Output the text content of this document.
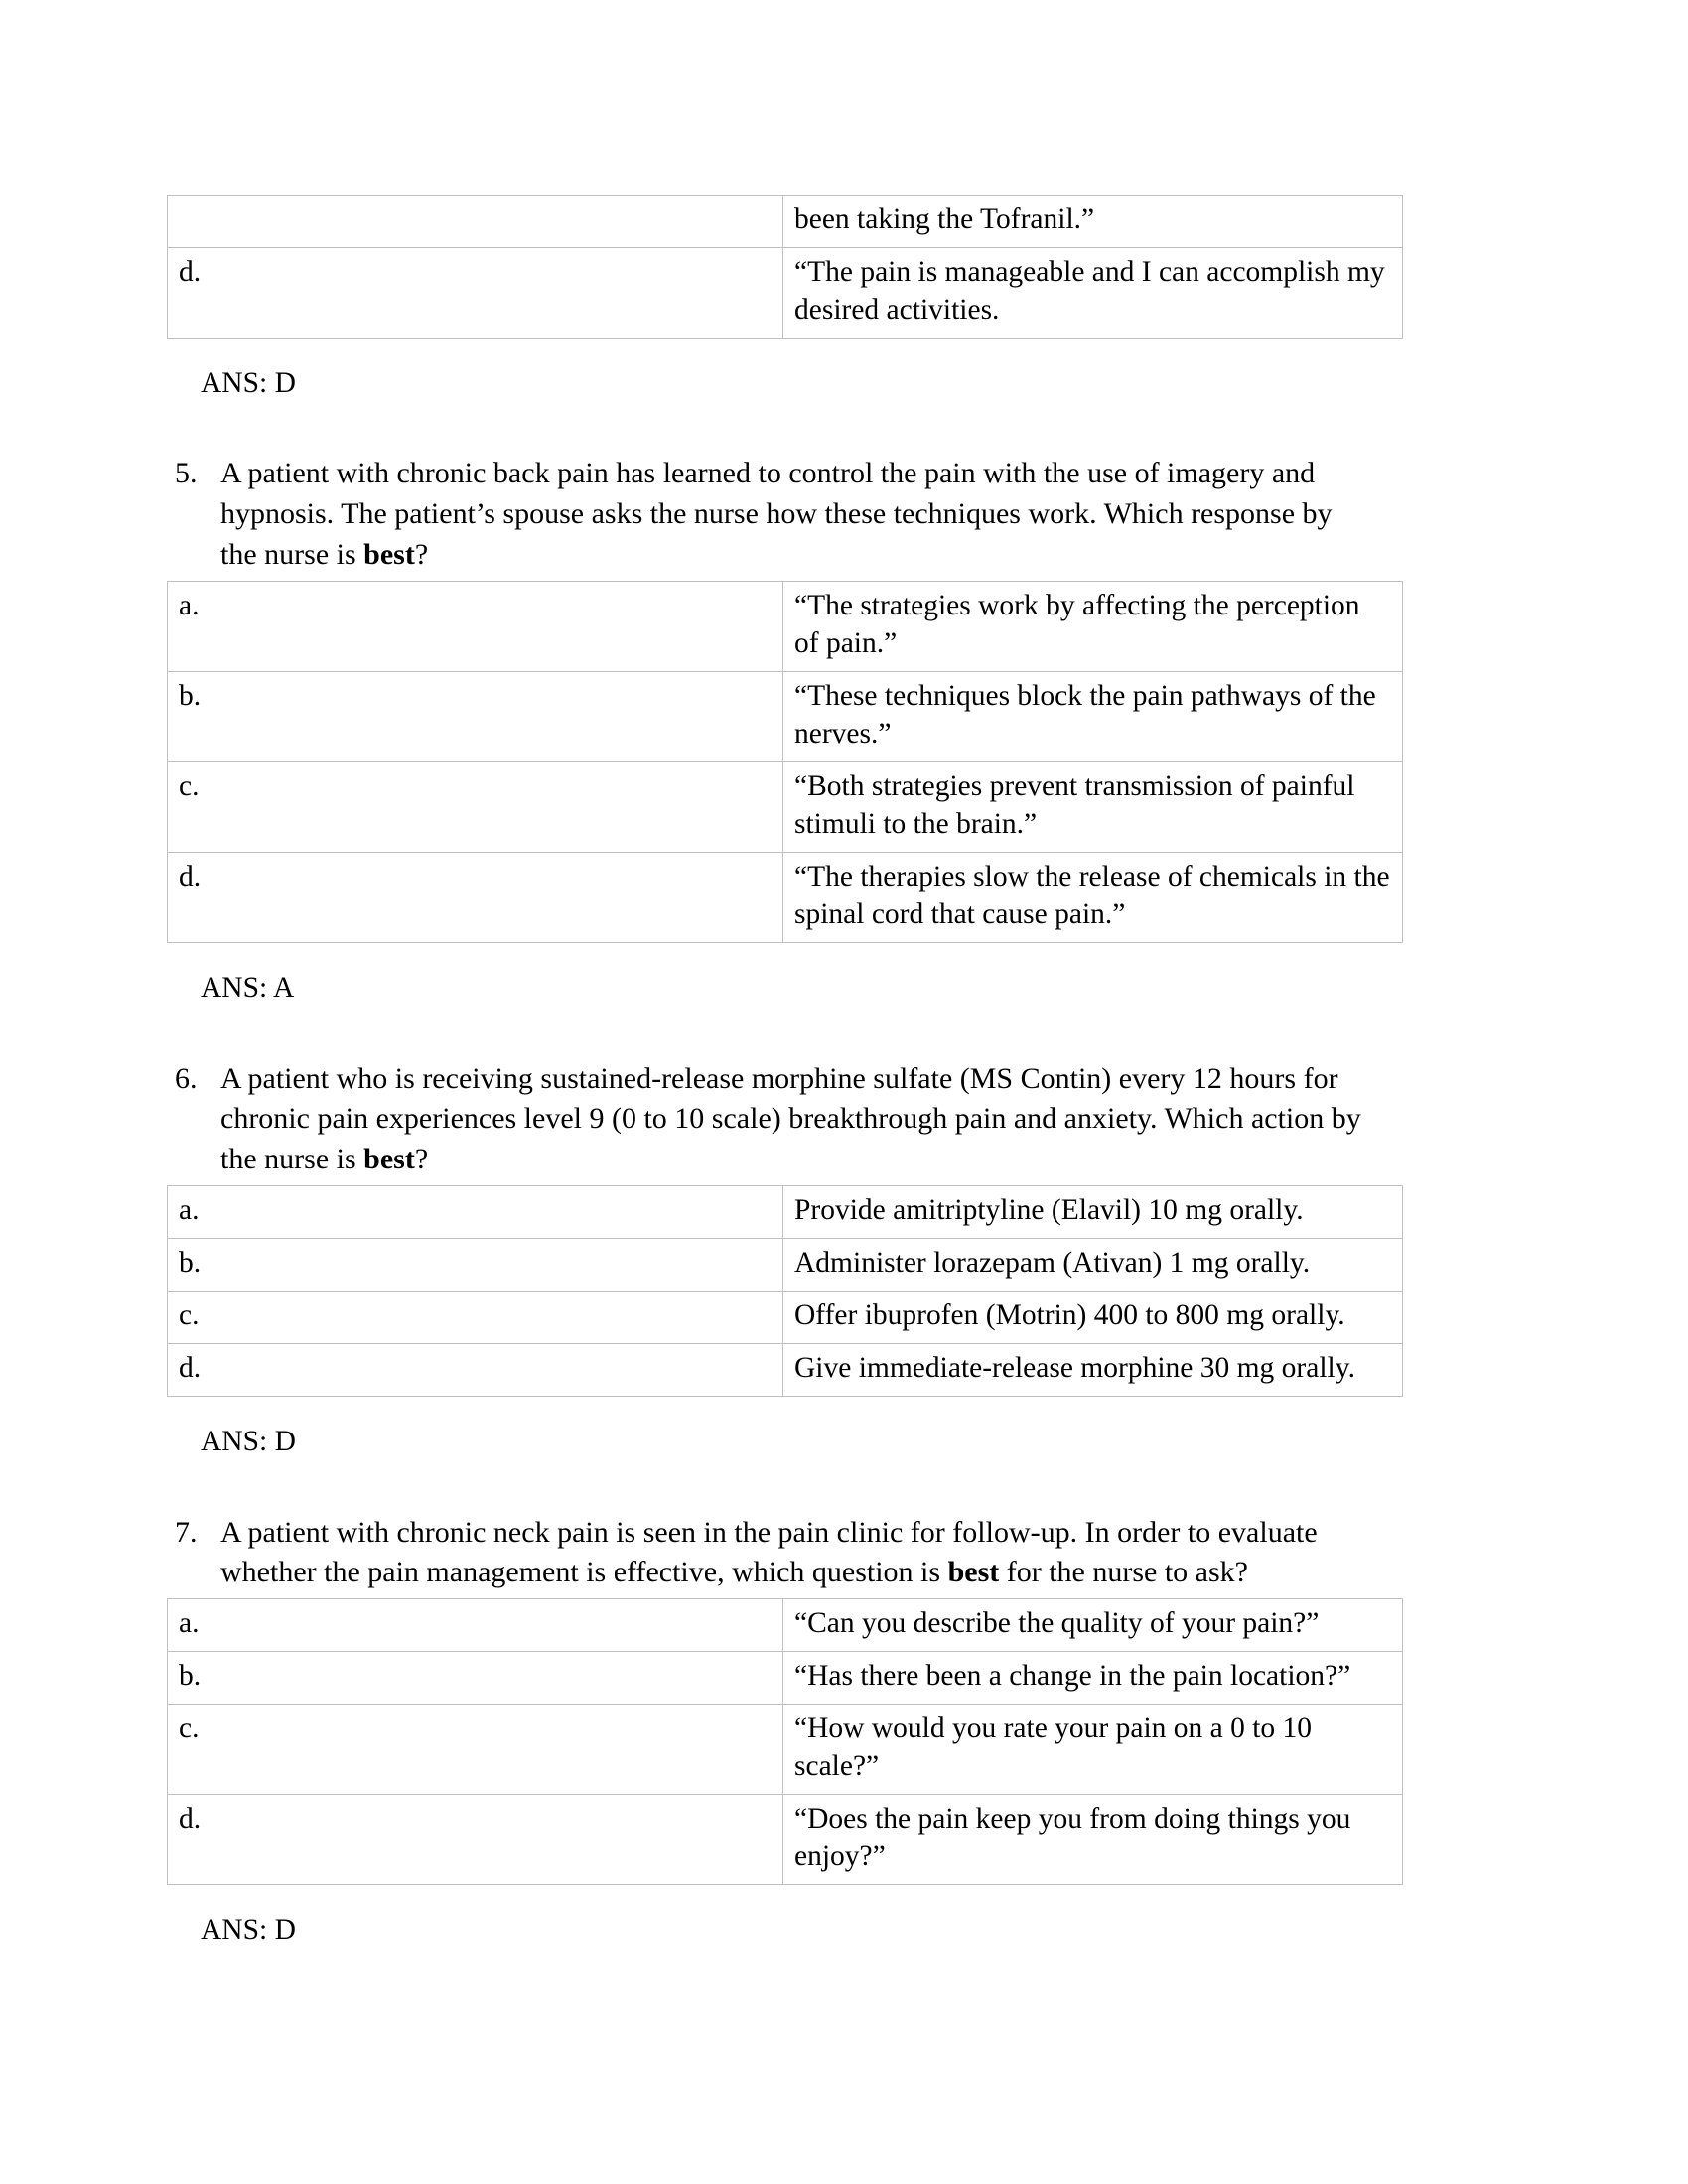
	been taking the Tofranil.”
d.	“The pain is manageable and I can accomplish my desired activities.
ANS: D
5. A patient with chronic back pain has learned to control the pain with the use of imagery and hypnosis. The patient’s spouse asks the nurse how these techniques work. Which response by the nurse is best?
a.	“The strategies work by affecting the perception of pain.”
b.	“These techniques block the pain pathways of the nerves.”
c.	“Both strategies prevent transmission of painful stimuli to the brain.”
d.	“The therapies slow the release of chemicals in the spinal cord that cause pain.”
ANS: A
6. A patient who is receiving sustained-release morphine sulfate (MS Contin) every 12 hours for chronic pain experiences level 9 (0 to 10 scale) breakthrough pain and anxiety. Which action by the nurse is best?
a.	Provide amitriptyline (Elavil) 10 mg orally.
b.	Administer lorazepam (Ativan) 1 mg orally.
c.	Offer ibuprofen (Motrin) 400 to 800 mg orally.
d.	Give immediate-release morphine 30 mg orally.
ANS: D
7. A patient with chronic neck pain is seen in the pain clinic for follow-up. In order to evaluate whether the pain management is effective, which question is best for the nurse to ask?
a.	“Can you describe the quality of your pain?”
b.	“Has there been a change in the pain location?”
c.	“How would you rate your pain on a 0 to 10 scale?”
d.	“Does the pain keep you from doing things you enjoy?”
ANS: D
